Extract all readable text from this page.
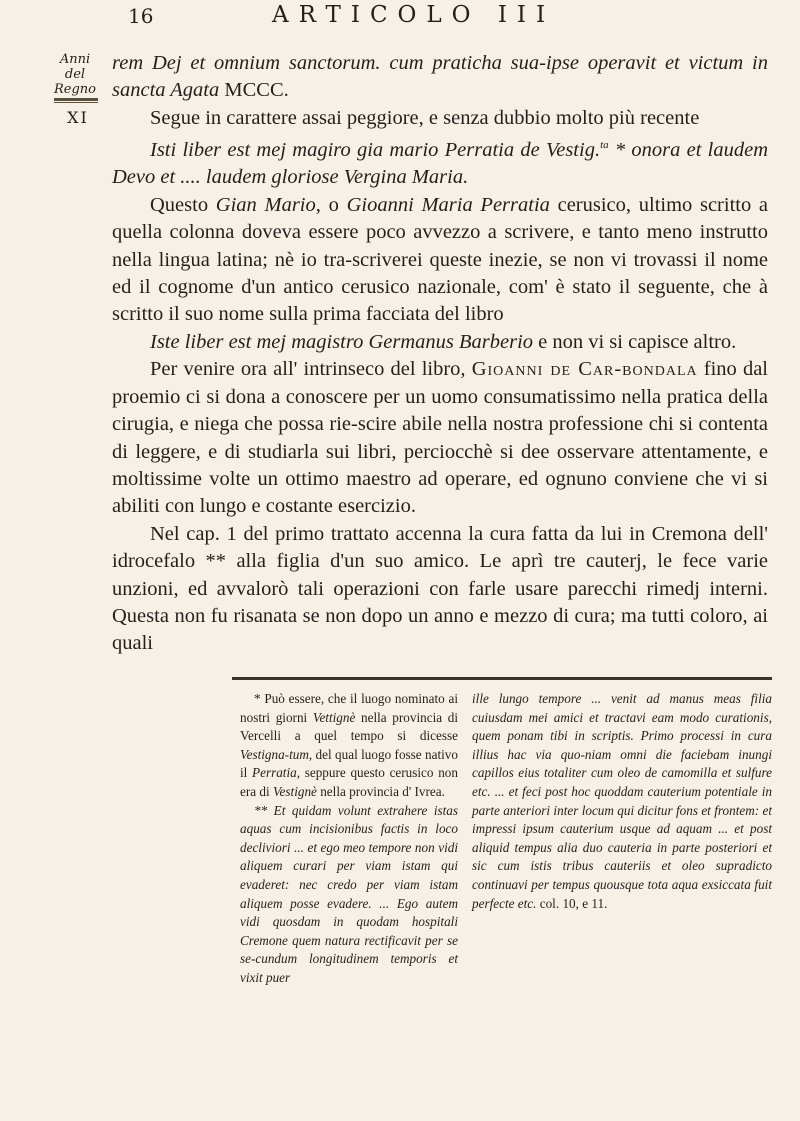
16	ARTICOLO III
Anni
del Regno
XI

rem Dej et omnium sanctorum. cum praticha sua-ipse operavit et victum in sancta Agata MCCC.

Segue in carattere assai peggiore, e senza dubbio molto più recente

Isti liber est mej magiro gia mario Perratia de Vestig.$^{ta}$ * onora et laudem Devo et .... laudem gloriose Vergina Maria.

Questo Gian Mario, o Gioanni Maria Perratia cerusico, ultimo scritto a quella colonna doveva essere poco avvezzo a scrivere, e tanto meno instrutto nella lingua latina; nè io tra-scriverei queste inezie, se non vi trovassi il nome ed il cognome d'un antico cerusico nazionale, com' è stato il seguente, che à scritto il suo nome sulla prima facciata del libro

Iste liber est mej magistro Germanus Barberio e non vi si capisce altro.

Per venire ora all' intrinseco del libro, Gioanni de Car-bondala fino dal proemio ci si dona a conoscere per un uomo consumatissimo nella pratica della cirugia, e niega che possa rie-scire abile nella nostra professione chi si contenta di leggere, e di studiarla sui libri, perciocchè si dee osservare attentamente, e moltissime volte un ottimo maestro ad operare, ed ognuno conviene che vi si abiliti con lungo e costante esercizio.

Nel cap. 1 del primo trattato accenna la cura fatta da lui in Cremona dell' idrocefalo ** alla figlia d'un suo amico. Le aprì tre cauterj, le fece varie unzioni, ed avvalorò tali operazioni con farle usare parecchi rimedj interni. Questa non fu risanata se non dopo un anno e mezzo di cura; ma tutti coloro, ai quali

* Può essere, che il luogo nominato ai nostri giorni Vettignè nella provincia di Vercelli a quel tempo si dicesse Vestigna-tum, del qual luogo fosse nativo il Perratia, seppure questo cerusico non era di Vestignè nella provincia d' Ivrea.

** Et quidam volunt extrahere istas aquas cum incisionibus factis in loco decliviori ... et ego meo tempore non vidi aliquem curari per viam istam qui evaderet: nec credo per viam istam aliquem posse evadere. ... Ego autem vidi quosdam in quodam hospitali Cremone quem natura rectificavit per se se-cundum longitudinem temporis et vixit puer

ille lungo tempore ... venit ad manus meas filia cuiusdam mei amici et tractavi eam modo curationis, quem ponam tibi in scriptis. Primo processi in cura illius hac via quo-niam omni die faciebam inungi capillos eius totaliter cum oleo de camomilla et sulfure etc. ... et feci post hoc quoddam cauterium potentiale in parte anteriori inter locum qui dicitur fons et frontem: et impressi ipsum cauterium usque ad aquam ... et post aliquid tempus alia duo cauteria in parte posteriori et sic cum istis tribus cauteriis et oleo supradicto continuavi per tempus quousque tota aqua exsiccata fuit perfecte etc. col. 10, e 11.
